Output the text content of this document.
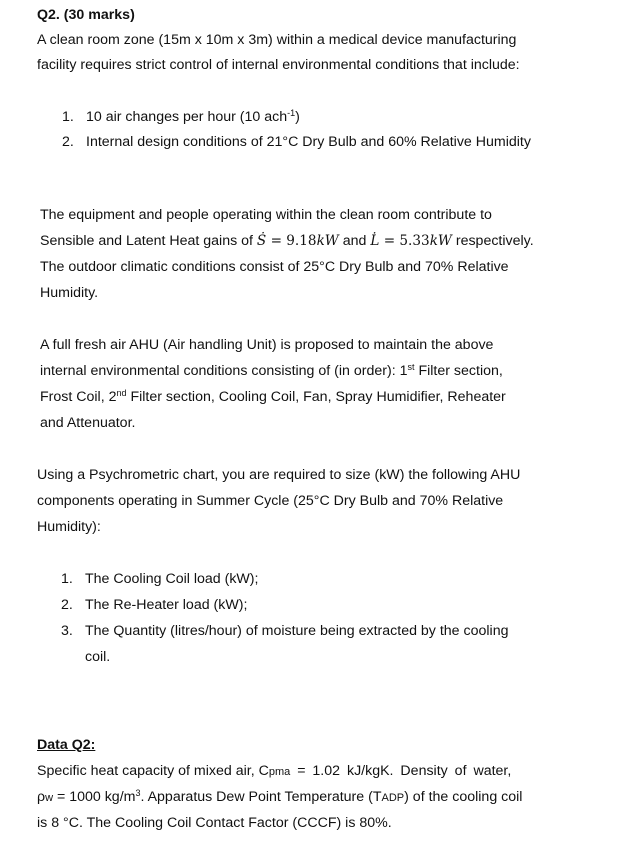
Q2. (30 marks)
A clean room zone (15m x 10m x 3m) within a medical device manufacturing
facility requires strict control of internal environmental conditions that include:
1. 10 air changes per hour (10 ach$^{-1}$)
2. Internal design conditions of 21°C Dry Bulb and 60% Relative Humidity
The equipment and people operating within the clean room contribute to
Sensible and Latent Heat gains of Ṡ = 9.18kW and L̇ = 5.33kW respectively.
The outdoor climatic conditions consist of 25°C Dry Bulb and 70% Relative
Humidity.
A full fresh air AHU (Air handling Unit) is proposed to maintain the above
internal environmental conditions consisting of (in order): 1st Filter section,
Frost Coil, 2nd Filter section, Cooling Coil, Fan, Spray Humidifier, Reheater
and Attenuator.
Using a Psychrometric chart, you are required to size (kW) the following AHU
components operating in Summer Cycle (25°C Dry Bulb and 70% Relative
Humidity):
1. The Cooling Coil load (kW);
2. The Re-Heater load (kW);
3. The Quantity (litres/hour) of moisture being extracted by the cooling
coil.
Data Q2:
Specific heat capacity of mixed air, Cpma = 1.02 kJ/kgK. Density of water,
ρw = 1000 $kg/m^3$. Apparatus Dew Point Temperature (TADP) of the cooling coil
is 8 °C. The Cooling Coil Contact Factor (CCCF) is 80%.
